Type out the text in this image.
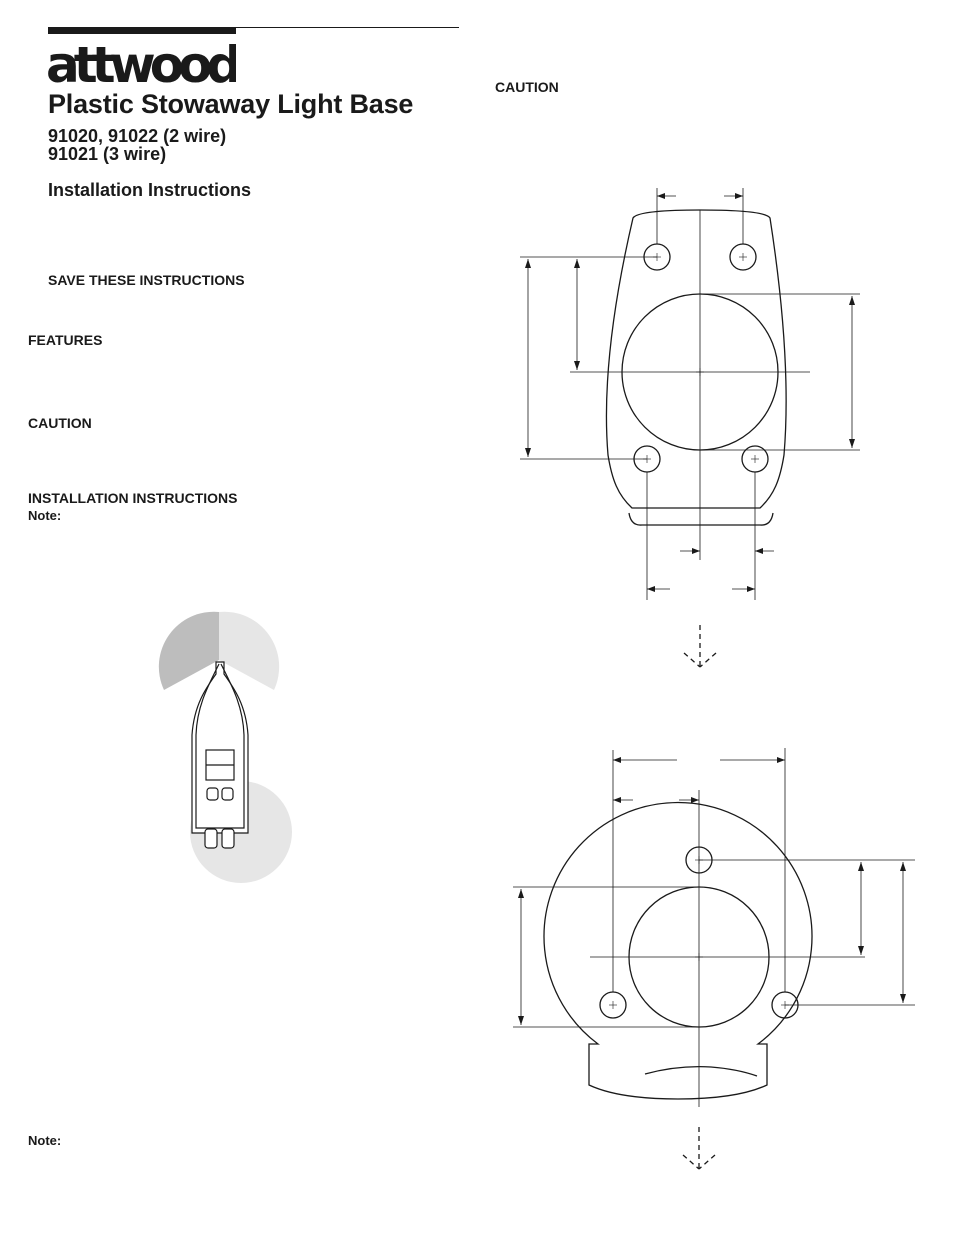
attwood
Plastic Stowaway Light Base
91020, 91022 (2 wire)
91021 (3 wire)
Installation Instructions
SAVE THESE INSTRUCTIONS
FEATURES
CAUTION
INSTALLATION INSTRUCTIONS
Note:
Note:
CAUTION
